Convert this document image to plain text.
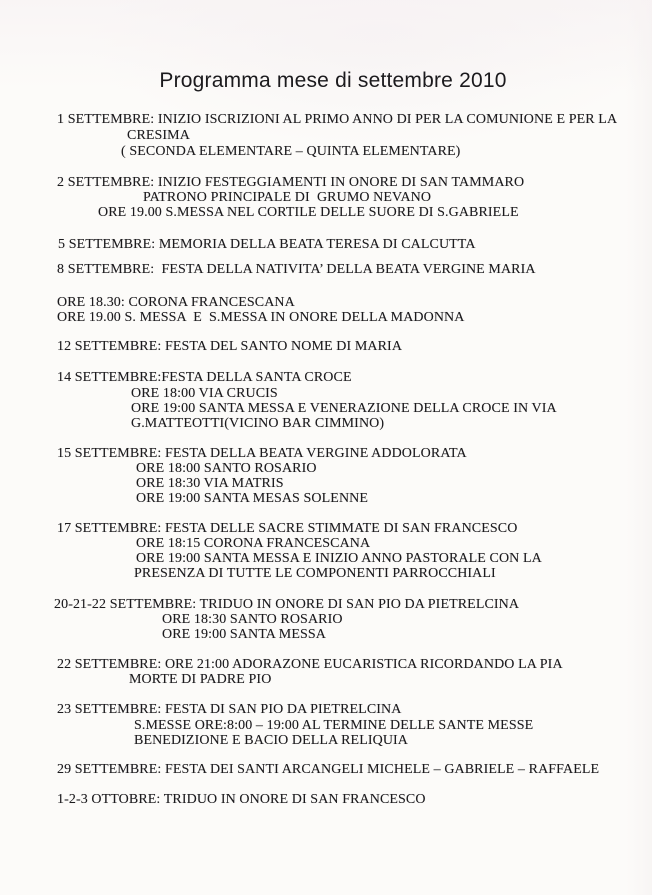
Programma mese di settembre 2010
1 SETTEMBRE: INIZIO ISCRIZIONI AL PRIMO ANNO DI PER LA COMUNIONE E PER LA
CRESIMA
( SECONDA ELEMENTARE – QUINTA ELEMENTARE)
2 SETTEMBRE: INIZIO FESTEGGIAMENTI IN ONORE DI SAN TAMMARO
PATRONO PRINCIPALE DI  GRUMO NEVANO
ORE 19.00 S.MESSA NEL CORTILE DELLE SUORE DI S.GABRIELE
5 SETTEMBRE: MEMORIA DELLA BEATA TERESA DI CALCUTTA
8 SETTEMBRE:  FESTA DELLA NATIVITA’ DELLA BEATA VERGINE MARIA
ORE 18.30: CORONA FRANCESCANA
ORE 19.00 S. MESSA  E  S.MESSA IN ONORE DELLA MADONNA
12 SETTEMBRE: FESTA DEL SANTO NOME DI MARIA
14 SETTEMBRE:FESTA DELLA SANTA CROCE
ORE 18:00 VIA CRUCIS
ORE 19:00 SANTA MESSA E VENERAZIONE DELLA CROCE IN VIA
G.MATTEOTTI(VICINO BAR CIMMINO)
15 SETTEMBRE: FESTA DELLA BEATA VERGINE ADDOLORATA
ORE 18:00 SANTO ROSARIO
ORE 18:30 VIA MATRIS
ORE 19:00 SANTA MESAS SOLENNE
17 SETTEMBRE: FESTA DELLE SACRE STIMMATE DI SAN FRANCESCO
ORE 18:15 CORONA FRANCESCANA
ORE 19:00 SANTA MESSA E INIZIO ANNO PASTORALE CON LA
PRESENZA DI TUTTE LE COMPONENTI PARROCCHIALI
20-21-22 SETTEMBRE: TRIDUO IN ONORE DI SAN PIO DA PIETRELCINA
ORE 18:30 SANTO ROSARIO
ORE 19:00 SANTA MESSA
22 SETTEMBRE: ORE 21:00 ADORAZONE EUCARISTICA RICORDANDO LA PIA
MORTE DI PADRE PIO
23 SETTEMBRE: FESTA DI SAN PIO DA PIETRELCINA
S.MESSE ORE:8:00 – 19:00 AL TERMINE DELLE SANTE MESSE
BENEDIZIONE E BACIO DELLA RELIQUIA
29 SETTEMBRE: FESTA DEI SANTI ARCANGELI MICHELE – GABRIELE – RAFFAELE
1-2-3 OTTOBRE: TRIDUO IN ONORE DI SAN FRANCESCO
